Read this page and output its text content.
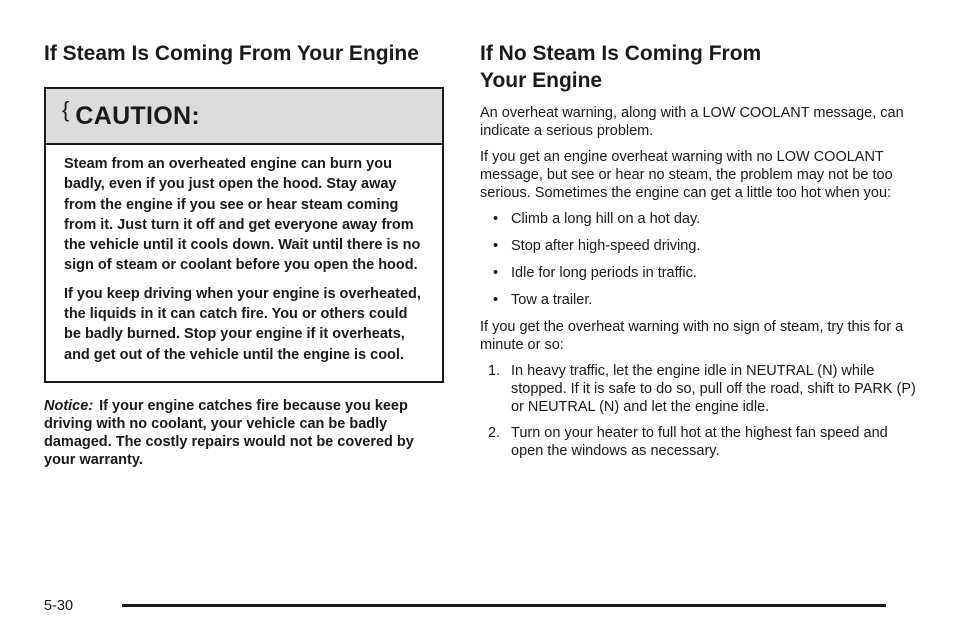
If Steam Is Coming From Your Engine
{ CAUTION:

Steam from an overheated engine can burn you badly, even if you just open the hood. Stay away from the engine if you see or hear steam coming from it. Just turn it off and get everyone away from the vehicle until it cools down. Wait until there is no sign of steam or coolant before you open the hood.

If you keep driving when your engine is overheated, the liquids in it can catch fire. You or others could be badly burned. Stop your engine if it overheats, and get out of the vehicle until the engine is cool.

Notice: If your engine catches fire because you keep driving with no coolant, your vehicle can be badly damaged. The costly repairs would not be covered by your warranty.
If No Steam Is Coming From
Your Engine

An overheat warning, along with a LOW COOLANT message, can indicate a serious problem.

If you get an engine overheat warning with no LOW COOLANT message, but see or hear no steam, the problem may not be too serious. Sometimes the engine can get a little too hot when you:

• Climb a long hill on a hot day.
• Stop after high-speed driving.
• Idle for long periods in traffic.
• Tow a trailer.

If you get the overheat warning with no sign of steam, try this for a minute or so:

1. In heavy traffic, let the engine idle in NEUTRAL (N) while stopped. If it is safe to do so, pull off the road, shift to PARK (P) or NEUTRAL (N) and let the engine idle.
2. Turn on your heater to full hot at the highest fan speed and open the windows as necessary.
5-30
